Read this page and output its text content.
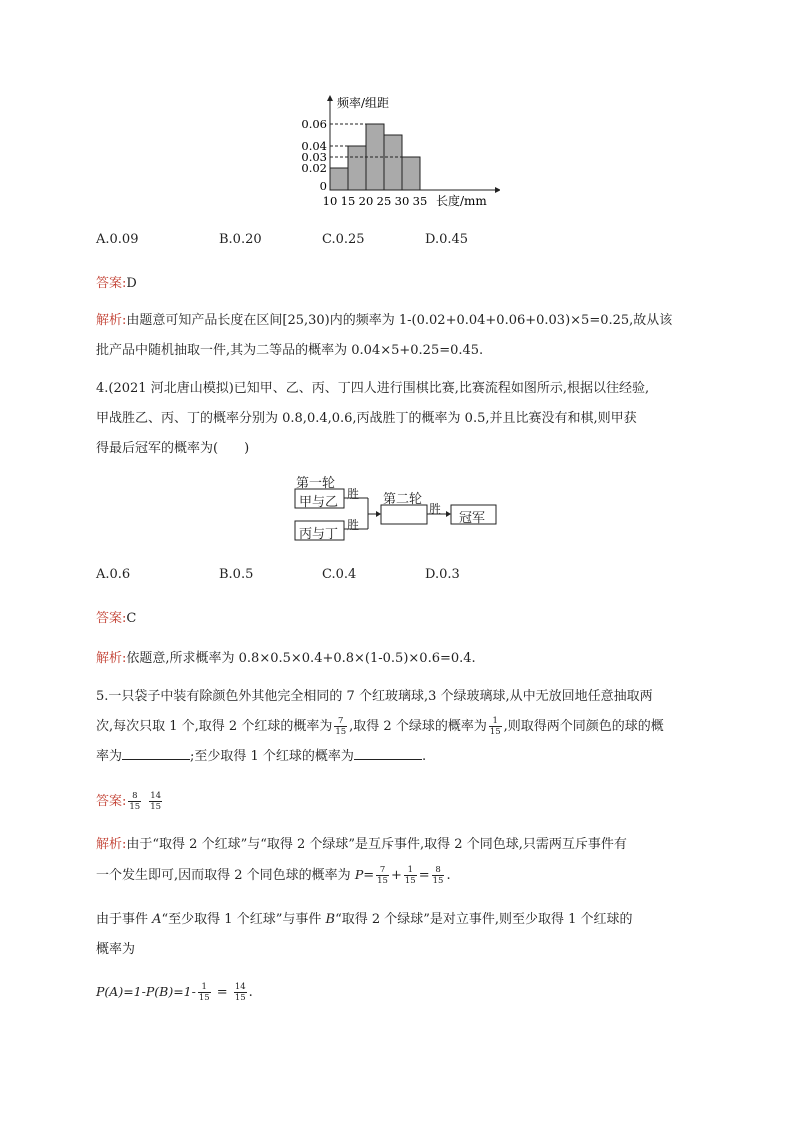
频率/组距
长度/mm
0
0.02
0.03
0.04
0.06
10 15 20 25 30 35
A.0.09	B.0.20	C.0.25	D.0.45
答案:D
解析:由题意可知产品长度在区间[25,30)内的频率为 1-(0.02+0.04+0.06+0.03)×5=0.25,故从该
批产品中随机抽取一件,其为二等品的概率为 0.04×5+0.25=0.45.
4.(2021 河北唐山模拟)已知甲、乙、丙、丁四人进行围棋比赛,比赛流程如图所示,根据以往经验,
甲战胜乙、丙、丁的概率分别为 0.8,0.4,0.6,丙战胜丁的概率为 0.5,并且比赛没有和棋,则甲获
得最后冠军的概率为(　　)
第一轮
甲与乙
胜
丙与丁
胜
第二轮
胜
冠军
A.0.6	B.0.5	C.0.4	D.0.3
答案:C
解析:依题意,所求概率为 0.8×0.5×0.4+0.8×(1-0.5)×0.6=0.4.
5.一只袋子中装有除颜色外其他完全相同的 7 个红玻璃球,3 个绿玻璃球,从中无放回地任意抽取两
次,每次只取 1 个,取得 2 个红球的概率为 $\frac{7}{15}$ ,取得 2 个绿球的概率为 $\frac{1}{15}$ ,则取得两个同颜色的球的概
率为	;至少取得 1 个红球的概率为	.
答案: $\frac{8}{15} \frac{14}{15}$
解析:由于“取得 2 个红球”与“取得 2 个绿球”是互斥事件,取得 2 个同色球,只需两互斥事件有
一个发生即可,因而取得 2 个同色球的概率为 $P= \frac{7}{15} + \frac{1}{15} = \frac{8}{15}$ .
由于事件 A“至少取得 1 个红球”与事件 B“取得 2 个绿球”是对立事件,则至少取得 1 个红球的
概率为
$P(A)=1-P(B)=1- \frac{1}{15} = \frac{14}{15}$ .
